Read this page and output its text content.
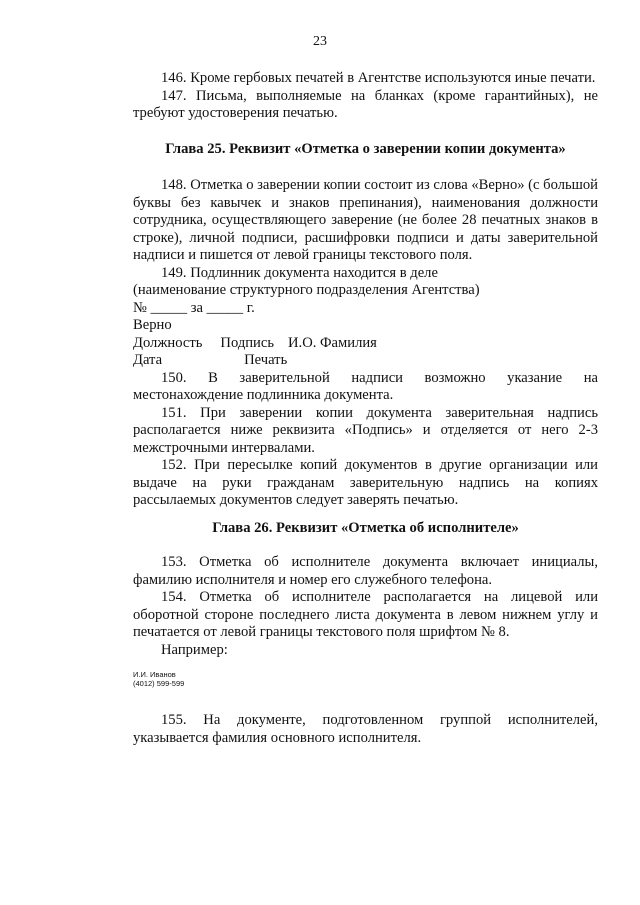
23

146. Кроме гербовых печатей в Агентстве используются иные печати.

147. Письма, выполняемые на бланках (кроме гарантийных), не требуют удостоверения печатью.

Глава 25. Реквизит «Отметка о заверении копии документа»

148. Отметка о заверении копии состоит из слова «Верно» (с большой буквы без кавычек и знаков препинания), наименования должности сотрудника, осуществляющего заверение (не более 28 печатных знаков в строке), личной подписи, расшифровки подписи и даты заверительной надписи и пишется от левой границы текстового поля.

149. Подлинник документа находится в деле

(наименование структурного подразделения Агентства)

№ _____ за _____ г.

Верно

Должность Подпись И.О. Фамилия

Дата	Печать

150. В заверительной надписи возможно указание на местонахождение подлинника документа.

151. При заверении копии документа заверительная надпись располагается ниже реквизита «Подпись» и отделяется от него 2-3 межстрочными интервалами.

152. При пересылке копий документов в другие организации или выдаче на руки гражданам заверительную надпись на копиях рассылаемых документов следует заверять печатью.

Глава 26. Реквизит «Отметка об исполнителе»

153. Отметка об исполнителе документа включает инициалы, фамилию исполнителя и номер его служебного телефона.

154. Отметка об исполнителе располагается на лицевой или оборотной стороне последнего листа документа в левом нижнем углу и печатается от левой границы текстового поля шрифтом № 8.

Например:

И.И. Иванов
(4012) 599-599

155. На документе, подготовленном группой исполнителей, указывается фамилия основного исполнителя.
